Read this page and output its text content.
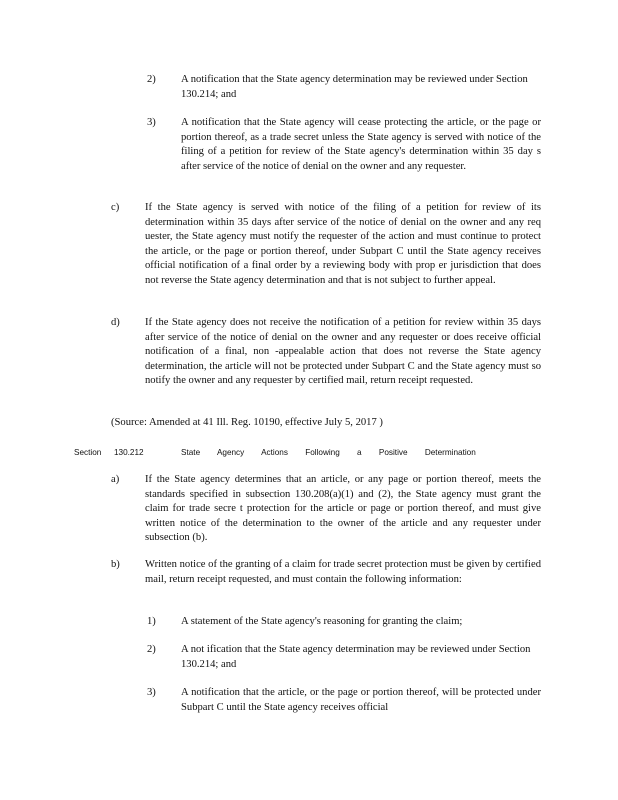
2) A notification that the State agency determination may be reviewed under Section 130.214; and
3) A notification that the State agency will cease protecting the article, or the page or portion thereof, as a trade secret unless the State agency is served with notice of the filing of a petition for review of the State agency's determination within 35 day s after service of the notice of denial on the owner and any requester.
c) If the State agency is served with notice of the filing of a petition for review of its determination within 35 days after service of the notice of denial on the owner and any req uester, the State agency must notify the requester of the action and must continue to protect the article, or the page or portion thereof, under Subpart C until the State agency receives official notification of a final order by a reviewing body with prop er jurisdiction that does not reverse the State agency determination and that is not subject to further appeal.
d) If the State agency does not receive the notification of a petition for review within 35 days after service of the notice of denial on the owner and any requester or does receive official notification of a final, non -appealable action that does not reverse the State agency determination, the article will not be protected under Subpart C and the State agency must so notify the owner and any requester by certified mail, return receipt requested.
(Source: Amended at 41 Ill. Reg. 10190, effective July 5, 2017 )
Section 130.212	State Agency Actions Following a Positive Determination
a) If the State agency determines that an article, or any page or portion thereof, meets the standards specified in subsection 130.208(a)(1) and (2), the State agency must grant the claim for trade secre t protection for the article or page or portion thereof, and must give written notice of the determination to the owner of the article and any requester under subsection (b).
b) Written notice of the granting of a claim for trade secret protection must be given by certified mail, return receipt requested, and must contain the following information:
1) A statement of the State agency's reasoning for granting the claim;
2) A not ification that the State agency determination may be reviewed under Section 130.214; and
3) A notification that the article, or the page or portion thereof, will be protected under Subpart C until the State agency receives official
